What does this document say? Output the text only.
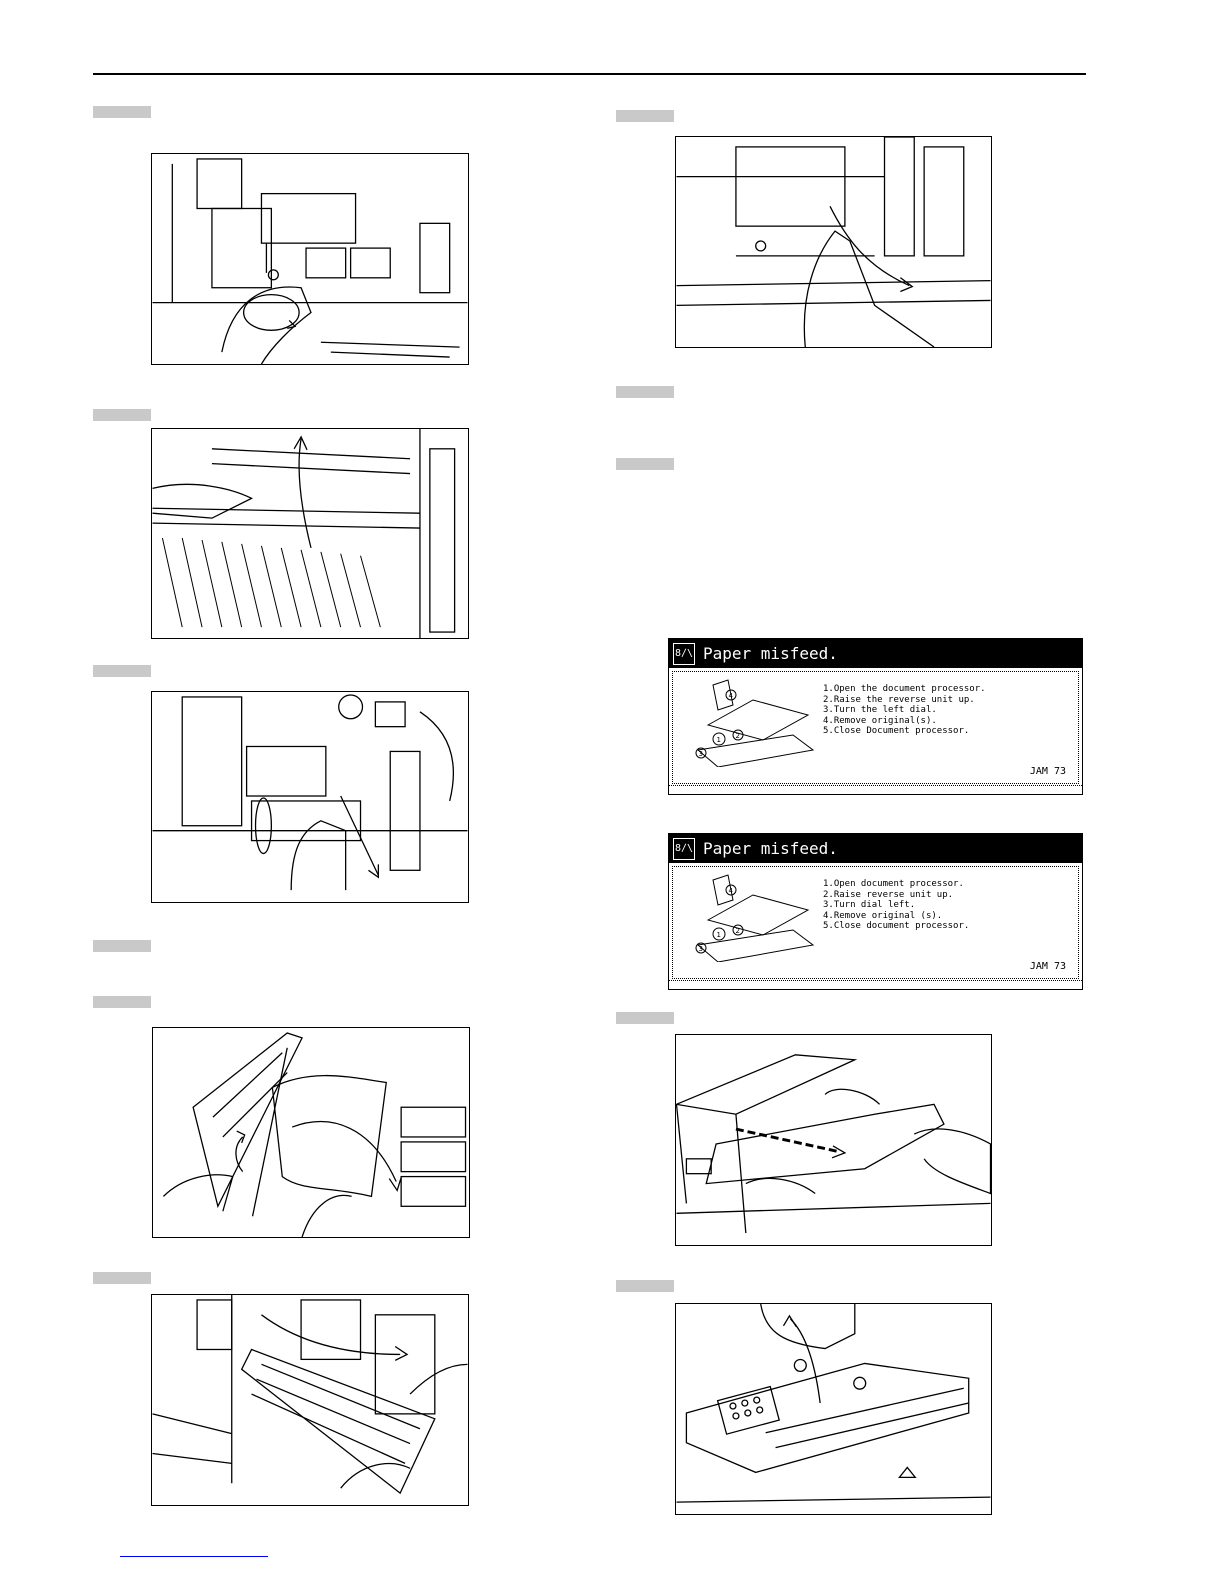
8∕\ Paper misfeed.
1
4
3
2
1.Open the document processor.
2.Raise the reverse unit up.
3.Turn the left dial.
4.Remove original(s).
5.Close Document processor.
JAM 73
8∕\ Paper misfeed.
1
4
3
2
1.Open document processor.
2.Raise reverse unit up.
3.Turn dial left.
4.Remove original (s).
5.Close document processor.
JAM 73
